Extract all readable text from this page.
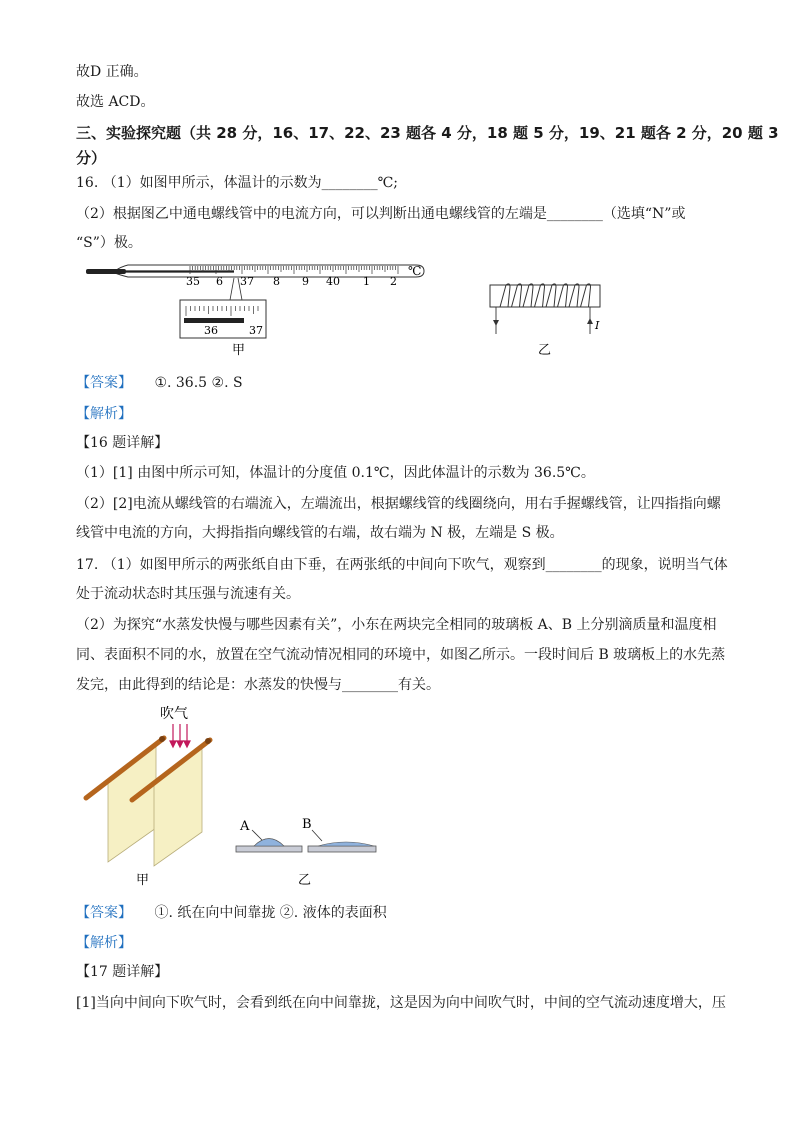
故D 正确。
故选 ACD。
三、实验探究题（共 28 分，16、17、22、23 题各 4 分，18 题 5 分，19、21 题各 2 分，20 题 3
分）
16. （1）如图甲所示，体温计的示数为________℃;
（2）根据图乙中通电螺线管中的电流方向，可以判断出通电螺线管的左端是________（选填“N”或
“S”）极。
35 6 37 8 9 40 1 2
℃
36	37
甲
I
乙
【答案】 ①. 36.5 ②. S
【解析】
【16 题详解】
（1）[1] 由图中所示可知，体温计的分度值 0.1℃，因此体温计的示数为 36.5℃。
（2）[2]电流从螺线管的右端流入，左端流出，根据螺线管的线圈绕向，用右手握螺线管，让四指指向螺
线管中电流的方向，大拇指指向螺线管的右端，故右端为 N 极，左端是 S 极。
17. （1）如图甲所示的两张纸自由下垂，在两张纸的中间向下吹气，观察到________的现象，说明当气体
处于流动状态时其压强与流速有关。
（2）为探究“水蒸发快慢与哪些因素有关”，小东在两块完全相同的玻璃板 A、B 上分别滴质量和温度相
同、表面积不同的水，放置在空气流动情况相同的环境中，如图乙所示。一段时间后 B 玻璃板上的水先蒸
发完，由此得到的结论是：水蒸发的快慢与________有关。
吹气
甲
A	B
乙
【答案】 ①. 纸在向中间靠拢 ②. 液体的表面积
【解析】
【17 题详解】
[1]当向中间向下吹气时，会看到纸在向中间靠拢，这是因为向中间吹气时，中间的空气流动速度增大，压
